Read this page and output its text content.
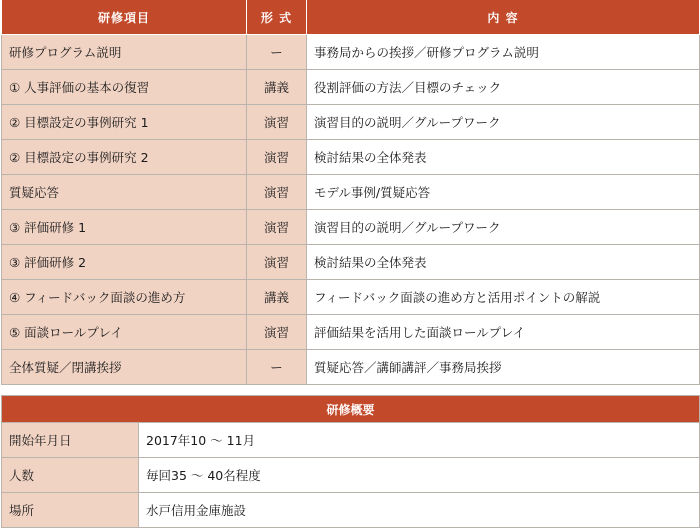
研修項目	形 式	内 容
研修プログラム説明	ー	事務局からの挨拶／研修プログラム説明
① 人事評価の基本の復習	講義	役割評価の方法／目標のチェック
② 目標設定の事例研究 1	演習	演習目的の説明／グループワーク
② 目標設定の事例研究 2	演習	検討結果の全体発表
質疑応答	演習	モデル事例/質疑応答
③ 評価研修 1	演習	演習目的の説明／グループワーク
③ 評価研修 2	演習	検討結果の全体発表
④ フィードバック面談の進め方	講義	フィードバック面談の進め方と活用ポイントの解説
⑤ 面談ロールプレイ	演習	評価結果を活用した面談ロールプレイ
全体質疑／閉講挨拶	ー	質疑応答／講師講評／事務局挨拶
研修概要	
開始年月日	2017年10 ～ 11月
人数	毎回35 ～ 40名程度
場所	水戸信用金庫施設
